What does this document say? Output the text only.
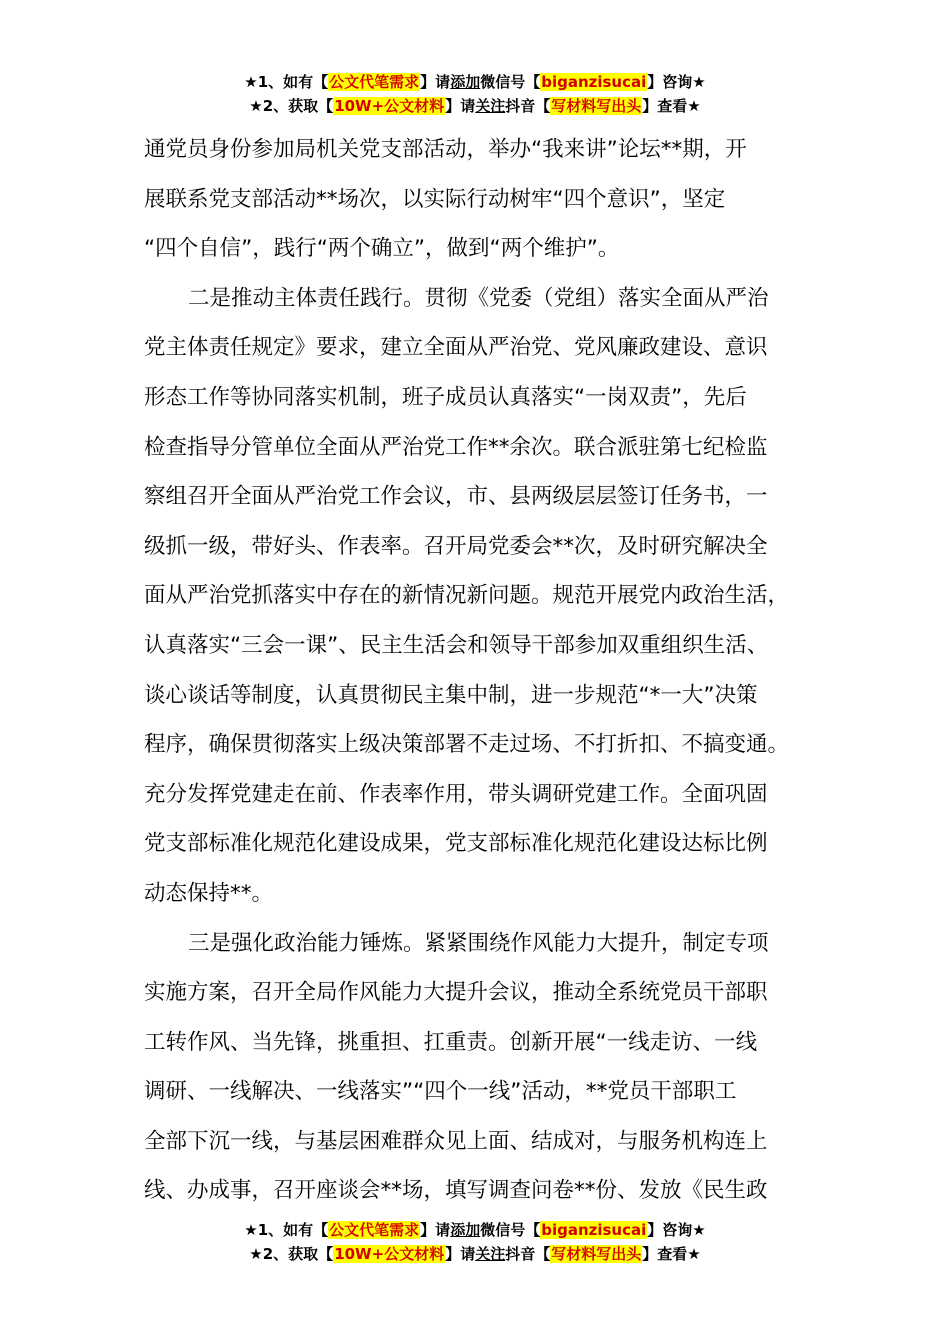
★1、如有【公文代笔需求】请添加微信号【biganzisucai】咨询★
★2、获取【10W+公文材料】请关注抖音【写材料写出头】查看★
通党员身份参加局机关党支部活动，举办“我来讲”论坛**期，开
展联系党支部活动**场次，以实际行动树牢“四个意识”，坚定
“四个自信”，践行“两个确立”，做到“两个维护”。
二是推动主体责任践行。贯彻《党委（党组）落实全面从严治
党主体责任规定》要求，建立全面从严治党、党风廉政建设、意识
形态工作等协同落实机制，班子成员认真落实“一岗双责”，先后
检查指导分管单位全面从严治党工作**余次。联合派驻第七纪检监
察组召开全面从严治党工作会议，市、县两级层层签订任务书，一
级抓一级，带好头、作表率。召开局党委会**次，及时研究解决全
面从严治党抓落实中存在的新情况新问题。规范开展党内政治生活，
认真落实“三会一课”、民主生活会和领导干部参加双重组织生活、
谈心谈话等制度，认真贯彻民主集中制，进一步规范“*一大”决策
程序，确保贯彻落实上级决策部署不走过场、不打折扣、不搞变通。
充分发挥党建走在前、作表率作用，带头调研党建工作。全面巩固
党支部标准化规范化建设成果，党支部标准化规范化建设达标比例
动态保持**。
三是强化政治能力锤炼。紧紧围绕作风能力大提升，制定专项
实施方案，召开全局作风能力大提升会议，推动全系统党员干部职
工转作风、当先锋，挑重担、扛重责。创新开展“一线走访、一线
调研、一线解决、一线落实”“四个一线”活动，**党员干部职工
全部下沉一线，与基层困难群众见上面、结成对，与服务机构连上
线、办成事，召开座谈会**场，填写调查问卷**份、发放《民生政
★1、如有【公文代笔需求】请添加微信号【biganzisucai】咨询★
★2、获取【10W+公文材料】请关注抖音【写材料写出头】查看★
